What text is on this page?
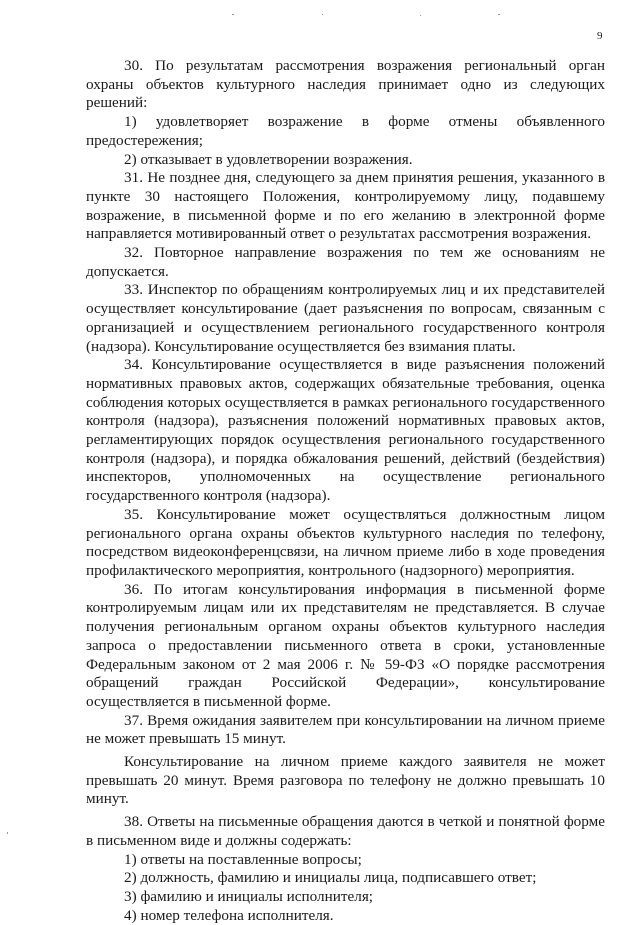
9

30. По результатам рассмотрения возражения региональный орган охраны объектов культурного наследия принимает одно из следующих решений:

1) удовлетворяет возражение в форме отмены объявленного предостережения;

2) отказывает в удовлетворении возражения.

31. Не позднее дня, следующего за днем принятия решения, указанного в пункте 30 настоящего Положения, контролируемому лицу, подавшему возражение, в письменной форме и по его желанию в электронной форме направляется мотивированный ответ о результатах рассмотрения возражения.

32. Повторное направление возражения по тем же основаниям не допускается.

33. Инспектор по обращениям контролируемых лиц и их представителей осуществляет консультирование (дает разъяснения по вопросам, связанным с организацией и осуществлением регионального государственного контроля (надзора). Консультирование осуществляется без взимания платы.

34. Консультирование осуществляется в виде разъяснения положений нормативных правовых актов, содержащих обязательные требования, оценка соблюдения которых осуществляется в рамках регионального государственного контроля (надзора), разъяснения положений нормативных правовых актов, регламентирующих порядок осуществления регионального государственного контроля (надзора), и порядка обжалования решений, действий (бездействия) инспекторов, уполномоченных на осуществление регионального государственного контроля (надзора).

35. Консультирование может осуществляться должностным лицом регионального органа охраны объектов культурного наследия по телефону, посредством видеоконференцсвязи, на личном приеме либо в ходе проведения профилактического мероприятия, контрольного (надзорного) мероприятия.

36. По итогам консультирования информация в письменной форме контролируемым лицам или их представителям не представляется. В случае получения региональным органом охраны объектов культурного наследия запроса о предоставлении письменного ответа в сроки, установленные Федеральным законом от 2 мая 2006 г. № 59-ФЗ «О порядке рассмотрения обращений граждан Российской Федерации», консультирование осуществляется в письменной форме.

37. Время ожидания заявителем при консультировании на личном приеме не может превышать 15 минут.

Консультирование на личном приеме каждого заявителя не может превышать 20 минут. Время разговора по телефону не должно превышать 10 минут.

38. Ответы на письменные обращения даются в четкой и понятной форме в письменном виде и должны содержать:

1) ответы на поставленные вопросы;

2) должность, фамилию и инициалы лица, подписавшего ответ;

3) фамилию и инициалы исполнителя;

4) номер телефона исполнителя.
